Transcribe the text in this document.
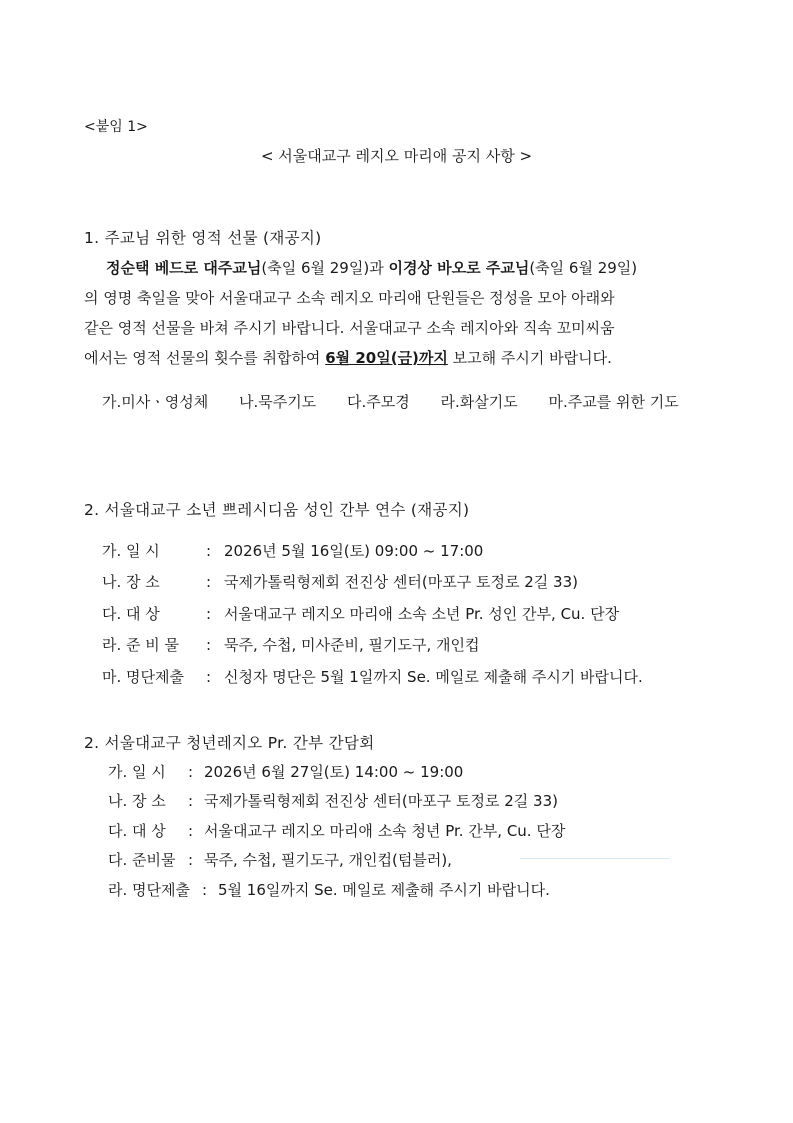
<붙임 1>
< 서울대교구 레지오 마리애 공지 사항 >
1. 주교님 위한 영적 선물 (재공지)
정순택 베드로 대주교님(축일 6월 29일)과 이경상 바오로 주교님(축일 6월 29일)
의 영명 축일을 맞아 서울대교구 소속 레지오 마리애 단원들은 정성을 모아 아래와
같은 영적 선물을 바쳐 주시기 바랍니다. 서울대교구 소속 레지아와 직속 꼬미씨움
에서는 영적 선물의 횟수를 취합하여 6월 20일(금)까지 보고해 주시기 바랍니다.
가.미사ㆍ영성체 나.묵주기도 다.주모경 라.화살기도 마.주교를 위한 기도
2. 서울대교구 소년 쁘레시디움 성인 간부 연수 (재공지)
가. 일 시	: 2026년 5월 16일(토) 09:00 ~ 17:00
나. 장 소	: 국제가톨릭형제회 전진상 센터(마포구 토정로 2길 33)
다. 대 상	: 서울대교구 레지오 마리애 소속 소년 Pr. 성인 간부, Cu. 단장
라. 준 비 물 : 묵주, 수첩, 미사준비, 필기도구, 개인컵
마. 명단제출 : 신청자 명단은 5월 1일까지 Se. 메일로 제출해 주시기 바랍니다.
2. 서울대교구 청년레지오 Pr. 간부 간담회
가. 일 시 : 2026년 6월 27일(토) 14:00 ~ 19:00
나. 장 소 : 국제가톨릭형제회 전진상 센터(마포구 토정로 2길 33)
다. 대 상 : 서울대교구 레지오 마리애 소속 청년 Pr. 간부, Cu. 단장
다. 준비물 : 묵주, 수첩, 필기도구, 개인컵(텀블러),
라. 명단제출 : 5월 16일까지 Se. 메일로 제출해 주시기 바랍니다.
